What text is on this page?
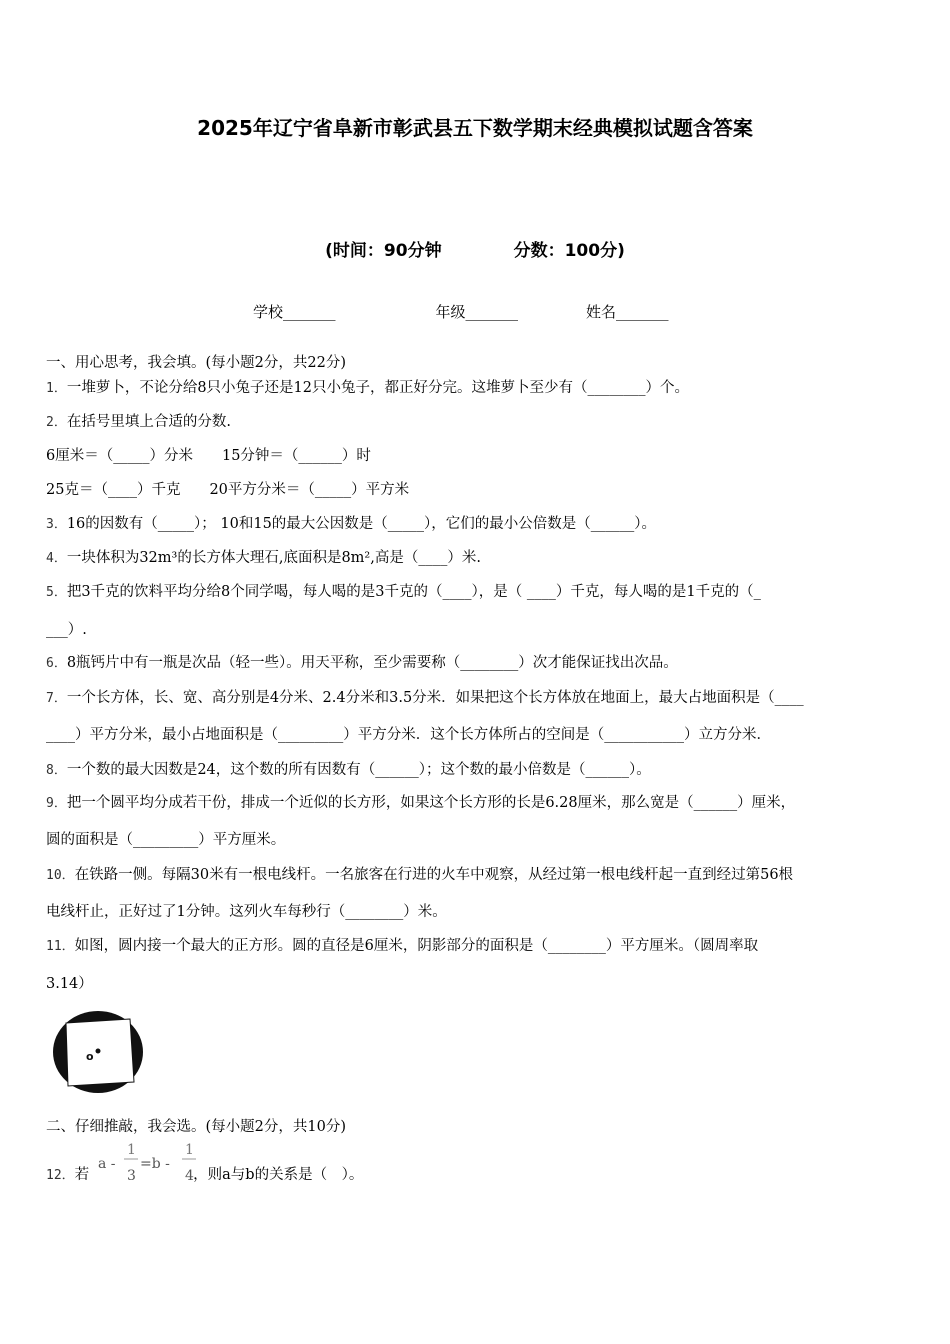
2025年辽宁省阜新市彰武县五下数学期末经典模拟试题含答案
(时间：90分钟	分数：100分)
学校_______	年级_______	姓名_______
一、用心思考，我会填。(每小题2分，共22分)
1．一堆萝卜，不论分给8只小兔子还是12只小兔子，都正好分完。这堆萝卜至少有（________）个。
2．在括号里填上合适的分数.
6厘米＝（_____）分米　　15分钟＝（______）时
25克＝（____）千克　　20平方分米＝（_____）平方米
3．16的因数有（_____）； 10和15的最大公因数是（_____），它们的最小公倍数是（______）。
4．一块体积为32m³的长方体大理石,底面积是8m²,高是（____）米.
5．把3千克的饮料平均分给8个同学喝，每人喝的是3千克的（____），是（ ____）千克，每人喝的是1千克的（_
___）.
6．8瓶钙片中有一瓶是次品（轻一些）。用天平称，至少需要称（________）次才能保证找出次品。
7．一个长方体，长、宽、高分别是4分米、2.4分米和3.5分米．如果把这个长方体放在地面上，最大占地面积是（____
____）平方分米，最小占地面积是（_________）平方分米．这个长方体所占的空间是（___________）立方分米．
8．一个数的最大因数是24，这个数的所有因数有（______）；这个数的最小倍数是（______）。
9．把一个圆平均分成若干份，排成一个近似的长方形，如果这个长方形的长是6.28厘米，那么宽是（______）厘米，
圆的面积是（_________）平方厘米。
10．在铁路一侧。每隔30米有一根电线杆。一名旅客在行进的火车中观察，从经过第一根电线杆起一直到经过第56根
电线杆止，正好过了1分钟。这列火车每秒行（________）米。
11．如图，圆内接一个最大的正方形。圆的直径是6厘米，阴影部分的面积是（________）平方厘米。（圆周率取
3.14）
o
二、仔细推敲，我会选。(每小题2分，共10分)
12．若	，则a与b的关系是（　）。
a -
1
3
=b -
1
4
